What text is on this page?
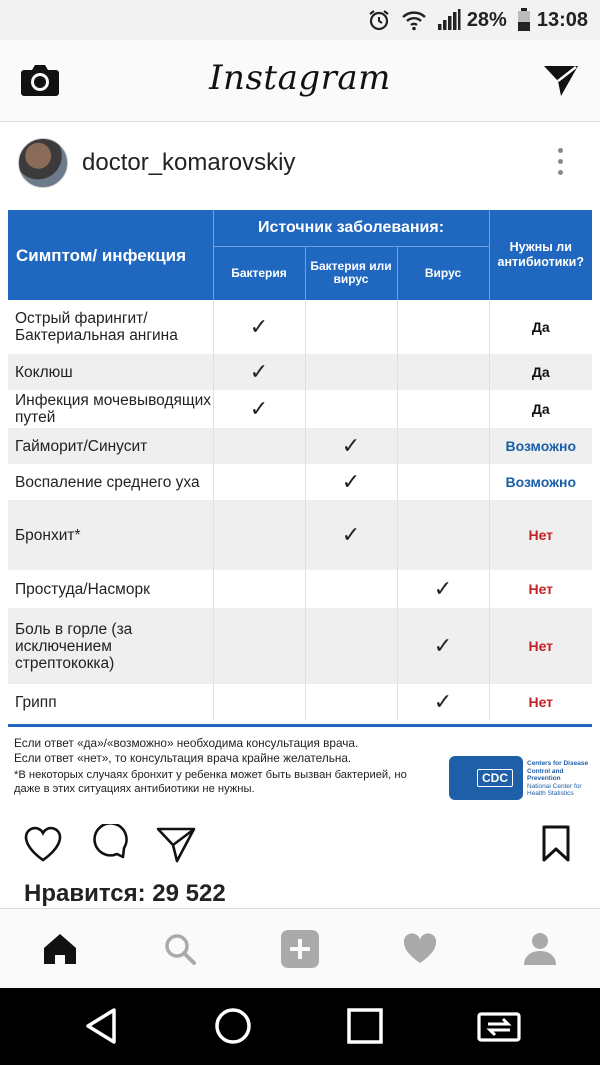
28% 13:08
Instagram
doctor_komarovskiy
Симптом/ инфекция	Источник заболевания:			Нужны ли антибиотики?
	Бактерия	Бактерия или вирус	Вирус	
Острый фарингит/ Бактериальная ангина	✓			Да
Коклюш	✓			Да
Инфекция мочевыводящих путей	✓			Да
Гайморит/Синусит		✓		Возможно
Воспаление среднего уха		✓		Возможно
Бронхит*		✓		Нет
Простуда/Насморк			✓	Нет
Боль в горле (за исключением стрептококка)			✓	Нет
Грипп			✓	Нет
Если ответ «да»/«возможно» необходима консультация врача.
Если ответ «нет», то консультация врача крайне желательна.
*В некоторых случаях бронхит у ребенка может быть вызван бактерией, но даже в этих ситуациях антибиотики не нужны.
CDC
Centers for Disease
Control and Prevention
National Center for
Health Statistics
Нравится: 29 522
